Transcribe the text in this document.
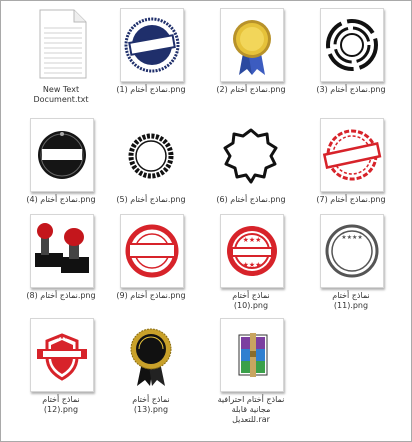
New Text
Document.txt
نماذج أختام (1).png	نماذج أختام (2).png	نماذج أختام (3).png
نماذج أختام (4).png	نماذج أختام (5).png	نماذج أختام (6).png	نماذج أختام (7).png
نماذج أختام (8).png	نماذج أختام (9).png
★★★
★★★
نماذج أختام
(10).png
★★★★
نماذج أختام
(11).png
★★★
نماذج أختام
(12).png
نماذج أختام
(13).png
نماذج أختام احترافية
مجانية قابلة
للتعديل.rar
